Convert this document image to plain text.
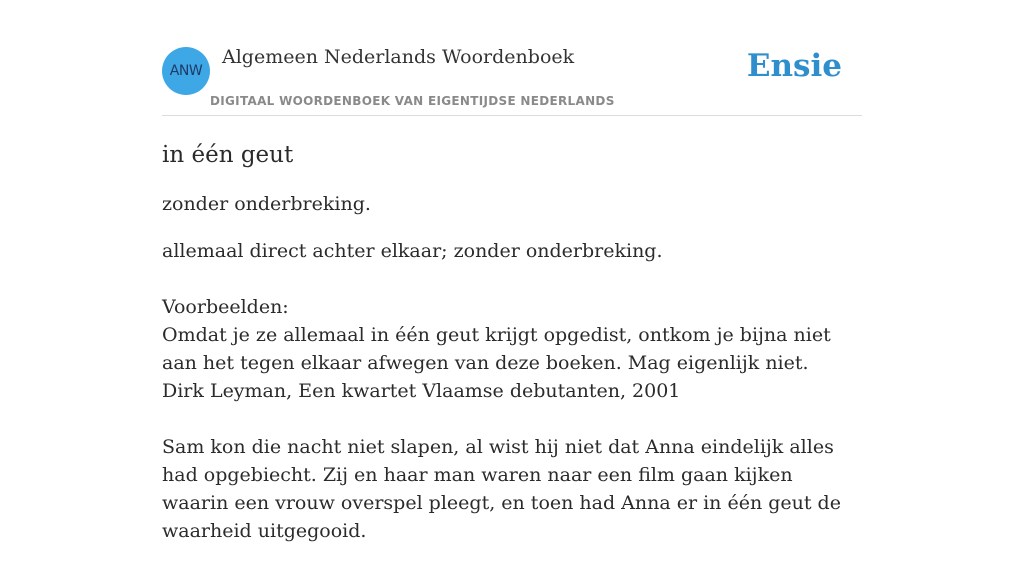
ANW
Algemeen Nederlands Woordenboek
DIGITAAL WOORDENBOEK VAN EIGENTIJDSE NEDERLANDS
Ensie
in één geut

zonder onderbreking.

allemaal direct achter elkaar; zonder onderbreking.

Voorbeelden:

Omdat je ze allemaal in één geut krijgt opgedist, ontkom je bijna niet aan het tegen elkaar afwegen van deze boeken. Mag eigenlijk niet.

Dirk Leyman, Een kwartet Vlaamse debutanten, 2001

Sam kon die nacht niet slapen, al wist hij niet dat Anna eindelijk alles had opgebiecht. Zij en haar man waren naar een film gaan kijken waarin een vrouw overspel pleegt, en toen had Anna er in één geut de waarheid uitgegooid.
